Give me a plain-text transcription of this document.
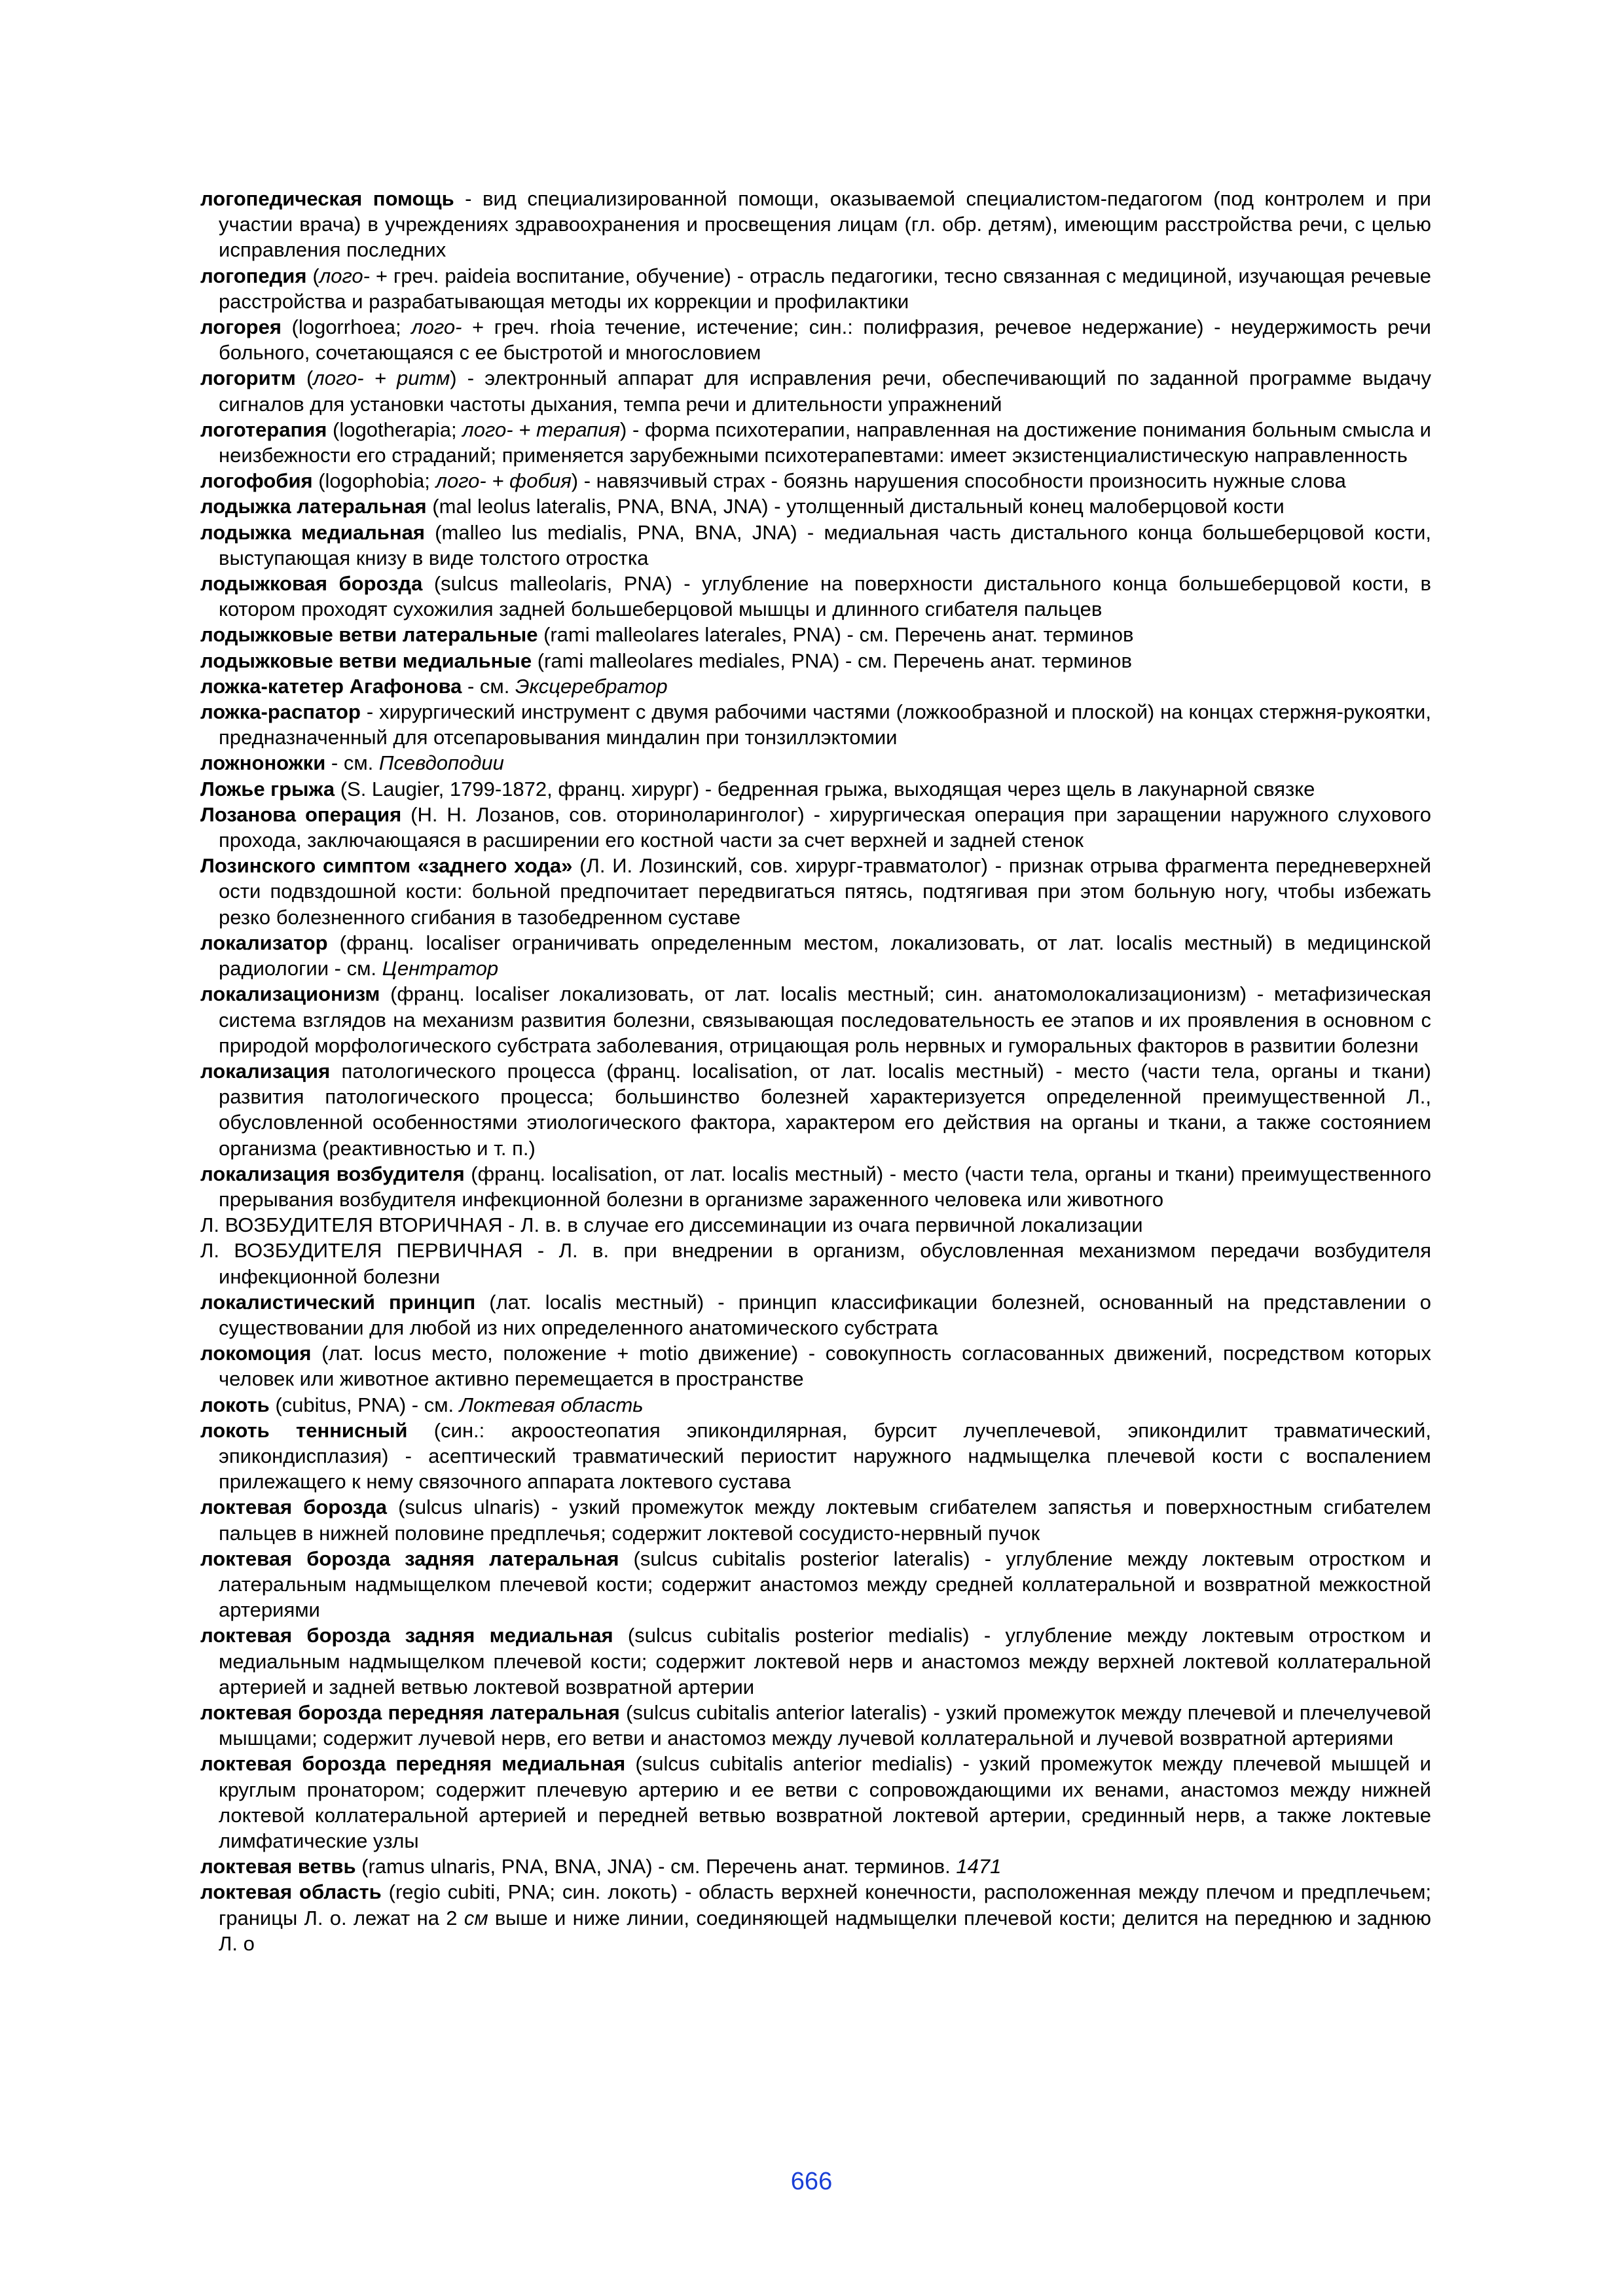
логопедическая помощь - вид специализированной помощи, оказываемой специалистом-педагогом (под контролем и при участии врача) в учреждениях здравоохранения и просвещения лицам (гл. обр. детям), имеющим расстройства речи, с целью исправления последних

логопедия (лого- + греч. paideia воспитание, обучение) - отрасль педагогики, тесно связанная с медициной, изучающая речевые расстройства и разрабатывающая методы их коррекции и профилактики

логорея (logorrhoea; лого- + греч. rhoia течение, истечение; син.: полифразия, речевое недержание) - неудержимость речи больного, сочетающаяся с ее быстротой и многословием

логоритм (лого- + ритм) - электронный аппарат для исправления речи, обеспечивающий по заданной программе выдачу сигналов для установки частоты дыхания, темпа речи и длительности упражнений

логотерапия (logotherapia; лого- + терапия) - форма психотерапии, направленная на достижение понимания больным смысла и неизбежности его страданий; применяется зарубежными психотерапевтами: имеет экзистенциалистическую направленность

логофобия (logophobia; лого- + фобия) - навязчивый страх - боязнь нарушения способности произносить нужные слова

лодыжка латеральная (mal leolus lateralis, PNA, BNA, JNA) - утолщенный дистальный конец малоберцовой кости

лодыжка медиальная (malleo lus medialis, PNA, BNA, JNA) - медиальная часть дистального конца большеберцовой кости, выступающая книзу в виде толстого отростка

лодыжковая борозда (sulcus malleolaris, PNA) - углубление на поверхности дистального конца большеберцовой кости, в котором проходят сухожилия задней большеберцовой мышцы и длинного сгибателя пальцев

лодыжковые ветви латеральные (rami malleolares laterales, PNA) - см. Перечень анат. терминов

лодыжковые ветви медиальные (rami malleolares mediales, PNA) - см. Перечень анат. терминов

ложка-катетер Агафонова - см. Эксцеребратор

ложка-распатор - хирургический инструмент с двумя рабочими частями (ложкообразной и плоской) на концах стержня-рукоятки, предназначенный для отсепаровывания миндалин при тонзиллэктомии

ложноножки - см. Псевдоподии

Ложье грыжа (S. Laugier, 1799-1872, франц. хирург) - бедренная грыжа, выходящая через щель в лакунарной связке

Лозанова операция (Н. Н. Лозанов, сов. оториноларинголог) - хирургическая операция при заращении наружного слухового прохода, заключающаяся в расширении его костной части за счет верхней и задней стенок

Лозинского симптом «заднего хода» (Л. И. Лозинский, сов. хирург-травматолог) - признак отрыва фрагмента передневерхней ости подвздошной кости: больной предпочитает передвигаться пятясь, подтягивая при этом больную ногу, чтобы избежать резко болезненного сгибания в тазобедренном суставе

локализатор (франц. localiser ограничивать определенным местом, локализовать, от лат. localis местный) в медицинской радиологии - см. Центратор

локализационизм (франц. localiser локализовать, от лат. localis местный; син. анатомолокализационизм) - метафизическая система взглядов на механизм развития болезни, связывающая последовательность ее этапов и их проявления в основном с природой морфологического субстрата заболевания, отрицающая роль нервных и гуморальных факторов в развитии болезни

локализация патологического процесса (франц. localisation, от лат. localis местный) - место (части тела, органы и ткани) развития патологического процесса; большинство болезней характеризуется определенной преимущественной Л., обусловленной особенностями этиологического фактора, характером его действия на органы и ткани, а также состоянием организма (реактивностью и т. п.)

локализация возбудителя (франц. localisation, от лат. localis местный) - место (части тела, органы и ткани) преимущественного прерывания возбудителя инфекционной болезни в организме зараженного человека или животного

Л. ВОЗБУДИТЕЛЯ ВТОРИЧНАЯ - Л. в. в случае его диссеминации из очага первичной локализации

Л. ВОЗБУДИТЕЛЯ ПЕРВИЧНАЯ - Л. в. при внедрении в организм, обусловленная механизмом передачи возбудителя инфекционной болезни

локалистический принцип (лат. localis местный) - принцип классификации болезней, основанный на представлении о существовании для любой из них определенного анатомического субстрата

локомоция (лат. locus место, положение + motio движение) - совокупность согласованных движений, посредством которых человек или животное активно перемещается в пространстве

локоть (cubitus, PNA) - см. Локтевая область

локоть теннисный (син.: акроостеопатия эпикондилярная, бурсит лучеплечевой, эпикондилит травматический, эпикондисплазия) - асептический травматический периостит наружного надмыщелка плечевой кости с воспалением прилежащего к нему связочного аппарата локтевого сустава

локтевая борозда (sulcus ulnaris) - узкий промежуток между локтевым сгибателем запястья и поверхностным сгибателем пальцев в нижней половине предплечья; содержит локтевой сосудисто-нервный пучок

локтевая борозда задняя латеральная (sulcus cubitalis posterior lateralis) - углубление между локтевым отростком и латеральным надмыщелком плечевой кости; содержит анастомоз между средней коллатеральной и возвратной межкостной артериями

локтевая борозда задняя медиальная (sulcus cubitalis posterior medialis) - углубление между локтевым отростком и медиальным надмыщелком плечевой кости; содержит локтевой нерв и анастомоз между верхней локтевой коллатеральной артерией и задней ветвью локтевой возвратной артерии

локтевая борозда передняя латеральная (sulcus cubitalis anterior lateralis) - узкий промежуток между плечевой и плечелучевой мышцами; содержит лучевой нерв, его ветви и анастомоз между лучевой коллатеральной и лучевой возвратной артериями

локтевая борозда передняя медиальная (sulcus cubitalis anterior medialis) - узкий промежуток между плечевой мышцей и круглым пронатором; содержит плечевую артерию и ее ветви с сопровождающими их венами, анастомоз между нижней локтевой коллатеральной артерией и передней ветвью возвратной локтевой артерии, срединный нерв, а также локтевые лимфатические узлы

локтевая ветвь (ramus ulnaris, PNA, BNA, JNA) - см. Перечень анат. терминов. 1471

локтевая область (regio cubiti, PNA; син. локоть) - область верхней конечности, расположенная между плечом и предплечьем; границы Л. о. лежат на 2 см выше и ниже линии, соединяющей надмыщелки плечевой кости; делится на переднюю и заднюю Л. о

666
